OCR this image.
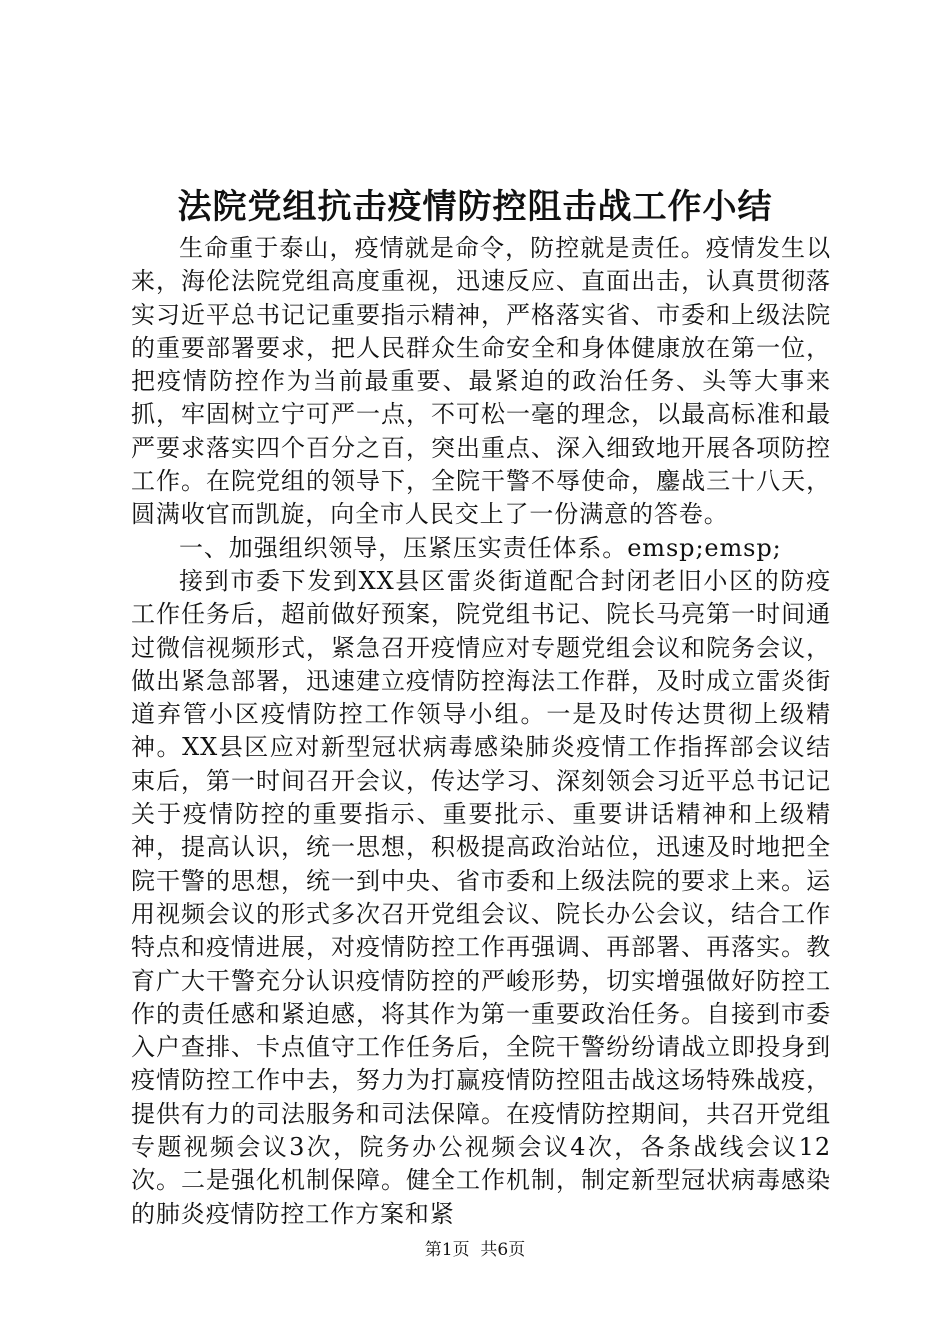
法院党组抗击疫情防控阻击战工作小结

生命重于泰山，疫情就是命令，防控就是责任。疫情发生以来，海伦法院党组高度重视，迅速反应、直面出击，认真贯彻落实习近平总书记记重要指示精神，严格落实省、市委和上级法院的重要部署要求，把人民群众生命安全和身体健康放在第一位，把疫情防控作为当前最重要、最紧迫的政治任务、头等大事来抓，牢固树立宁可严一点，不可松一毫的理念，以最高标准和最严要求落实四个百分之百，突出重点、深入细致地开展各项防控工作。在院党组的领导下，全院干警不辱使命，鏖战三十八天，圆满收官而凯旋，向全市人民交上了一份满意的答卷。

一、加强组织领导，压紧压实责任体系。emsp;emsp;

接到市委下发到XX县区雷炎街道配合封闭老旧小区的防疫工作任务后，超前做好预案，院党组书记、院长马亮第一时间通过微信视频形式，紧急召开疫情应对专题党组会议和院务会议，做出紧急部署，迅速建立疫情防控海法工作群，及时成立雷炎街道弃管小区疫情防控工作领导小组。一是及时传达贯彻上级精神。XX县区应对新型冠状病毒感染肺炎疫情工作指挥部会议结束后，第一时间召开会议，传达学习、深刻领会习近平总书记记关于疫情防控的重要指示、重要批示、重要讲话精神和上级精神，提高认识，统一思想，积极提高政治站位，迅速及时地把全院干警的思想，统一到中央、省市委和上级法院的要求上来。运用视频会议的形式多次召开党组会议、院长办公会议，结合工作特点和疫情进展，对疫情防控工作再强调、再部署、再落实。教育广大干警充分认识疫情防控的严峻形势，切实增强做好防控工作的责任感和紧迫感，将其作为第一重要政治任务。自接到市委入户查排、卡点值守工作任务后，全院干警纷纷请战立即投身到疫情防控工作中去，努力为打赢疫情防控阻击战这场特殊战疫，提供有力的司法服务和司法保障。在疫情防控期间，共召开党组专题视频会议3次，院务办公视频会议4次，各条战线会议12次。二是强化机制保障。健全工作机制，制定新型冠状病毒感染的肺炎疫情防控工作方案和紧

第1页  共6页
